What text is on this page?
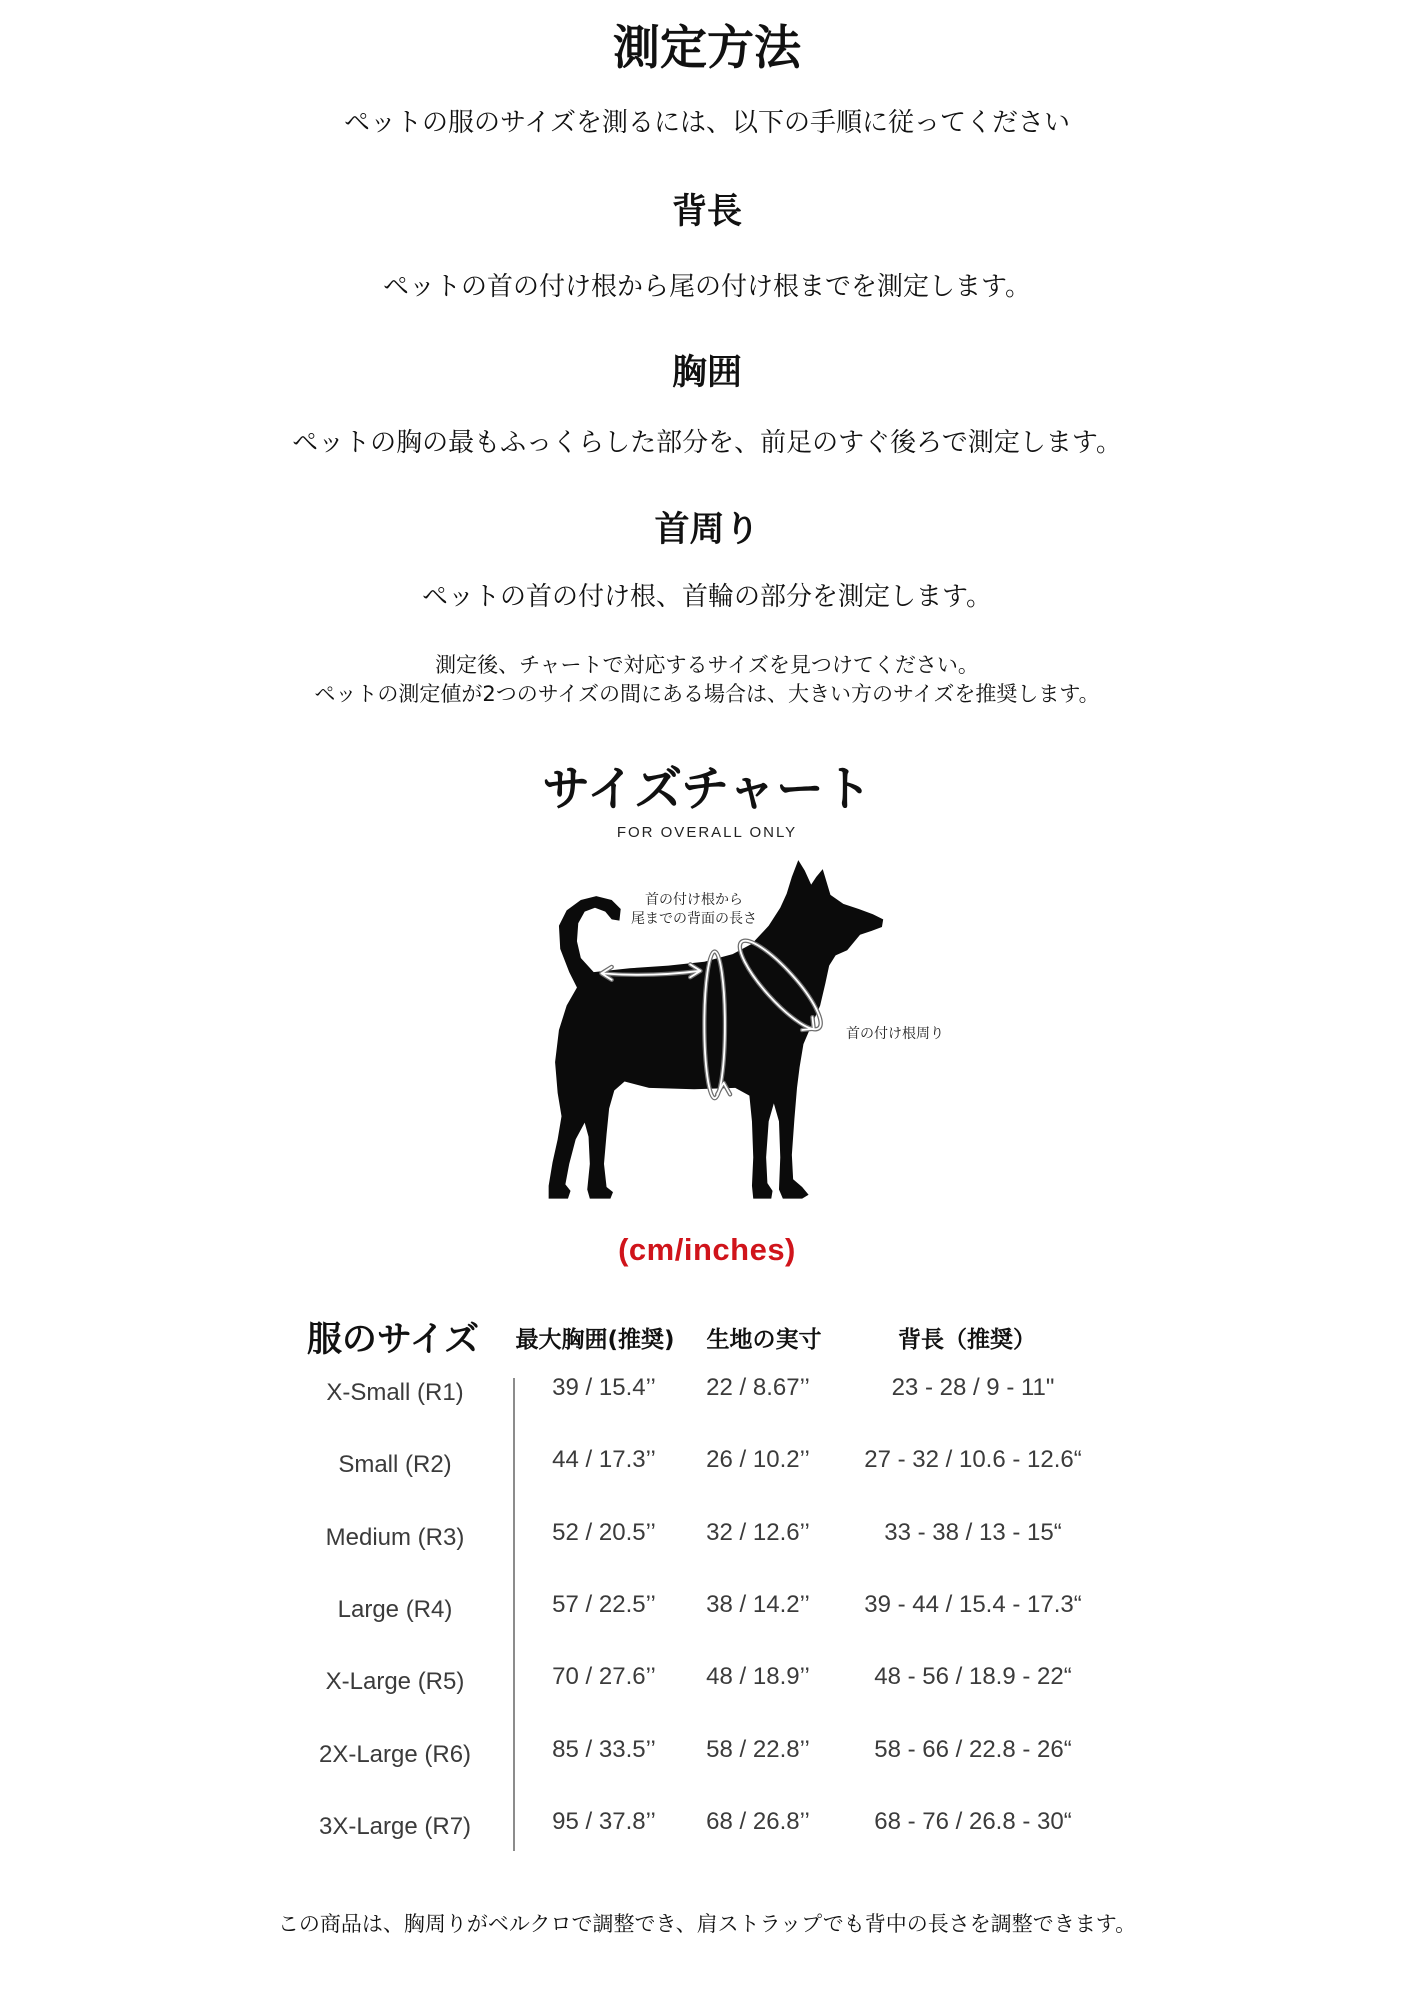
測定方法
ペットの服のサイズを測るには、以下の手順に従ってください
背長
ペットの首の付け根から尾の付け根までを測定します。
胸囲
ペットの胸の最もふっくらした部分を、前足のすぐ後ろで測定します。
首周り
ペットの首の付け根、首輪の部分を測定します。
測定後、チャートで対応するサイズを見つけてください。
ペットの測定値が2つのサイズの間にある場合は、大きい方のサイズを推奨します。
サイズチャート
FOR OVERALL ONLY
首の付け根から
尾までの背面の長さ
首の付け根周り
(cm/inches)
服のサイズ	最大胸囲(推奨)	生地の実寸	背長（推奨）
X-Small (R1)	39 / 15.4’’	22 / 8.67’’	23 - 28 / 9 - 11"
Small (R2)	44 / 17.3’’	26 / 10.2’’	27 - 32 / 10.6 - 12.6“
Medium (R3)	52 / 20.5’’	32 / 12.6’’	33 - 38 / 13 - 15“
Large (R4)	57 / 22.5’’	38 / 14.2’’	39 - 44 / 15.4 - 17.3“
X-Large (R5)	70 / 27.6’’	48 / 18.9’’	48 - 56 / 18.9 - 22“
2X-Large (R6)	85 / 33.5’’	58 / 22.8’’	58 - 66 / 22.8 - 26“
3X-Large (R7)	95 / 37.8’’	68 / 26.8’’	68 - 76 / 26.8 - 30“
この商品は、胸周りがベルクロで調整でき、肩ストラップでも背中の長さを調整できます。
